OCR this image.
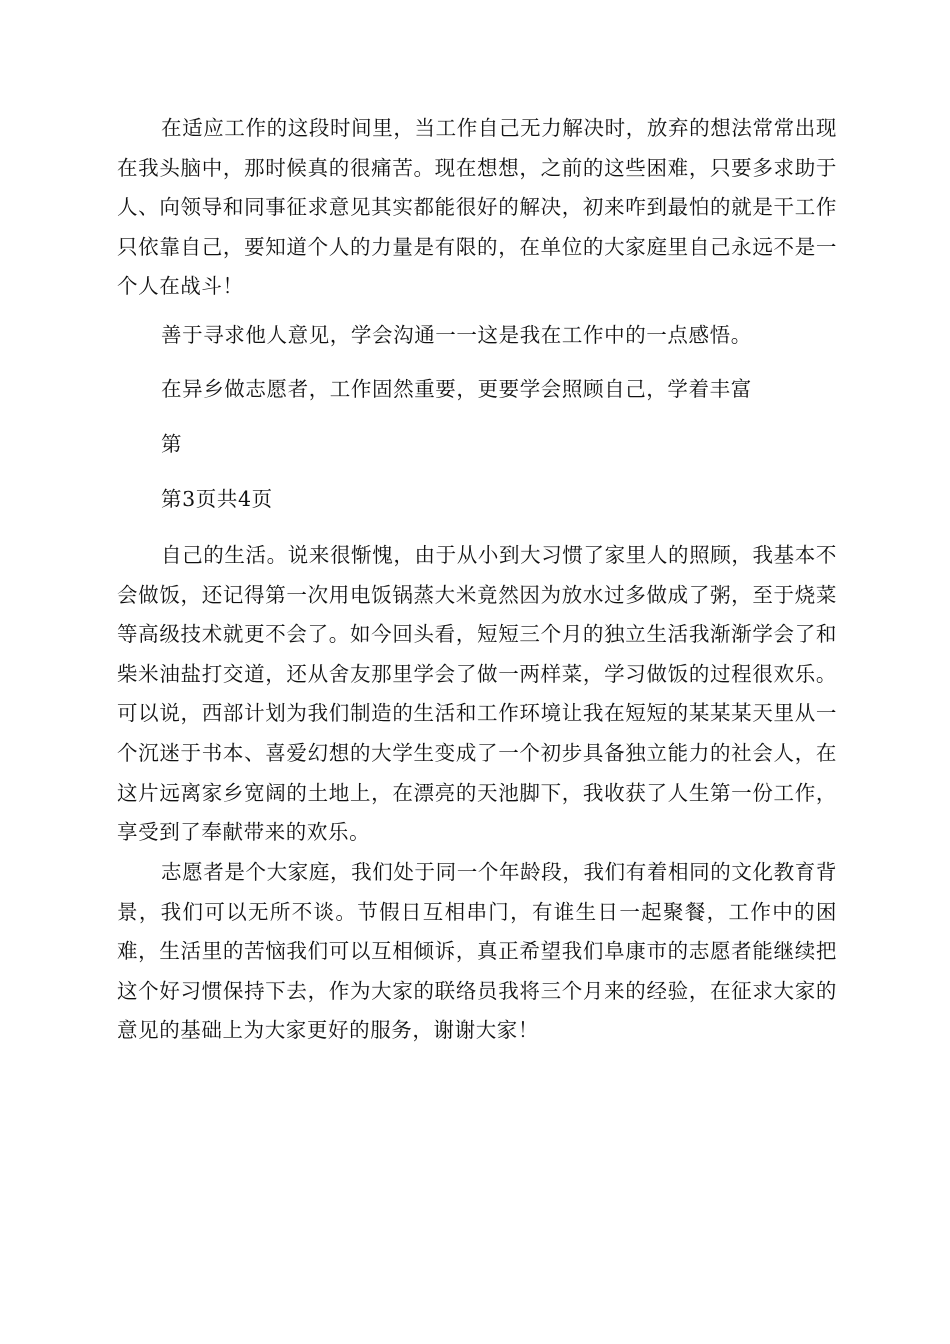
在适应工作的这段时间里，当工作自己无力解决时，放弃的想法常常出现在我头脑中，那时候真的很痛苦。现在想想，之前的这些困难，只要多求助于人、向领导和同事征求意见其实都能很好的解决，初来咋到最怕的就是干工作只依靠自己，要知道个人的力量是有限的，在单位的大家庭里自己永远不是一个人在战斗！

善于寻求他人意见，学会沟通一一这是我在工作中的一点感悟。

在异乡做志愿者，工作固然重要，更要学会照顾自己，学着丰富

第

第3页共4页

自己的生活。说来很惭愧，由于从小到大习惯了家里人的照顾，我基本不会做饭，还记得第一次用电饭锅蒸大米竟然因为放水过多做成了粥，至于烧菜等高级技术就更不会了。如今回头看，短短三个月的独立生活我渐渐学会了和柴米油盐打交道，还从舍友那里学会了做一两样菜，学习做饭的过程很欢乐。可以说，西部计划为我们制造的生活和工作环境让我在短短的某某某天里从一个沉迷于书本、喜爱幻想的大学生变成了一个初步具备独立能力的社会人，在这片远离家乡宽阔的土地上，在漂亮的天池脚下，我收获了人生第一份工作，享受到了奉献带来的欢乐。

志愿者是个大家庭，我们处于同一个年龄段，我们有着相同的文化教育背景，我们可以无所不谈。节假日互相串门，有谁生日一起聚餐，工作中的困难，生活里的苦恼我们可以互相倾诉，真正希望我们阜康市的志愿者能继续把这个好习惯保持下去，作为大家的联络员我将三个月来的经验，在征求大家的意见的基础上为大家更好的服务，谢谢大家！
